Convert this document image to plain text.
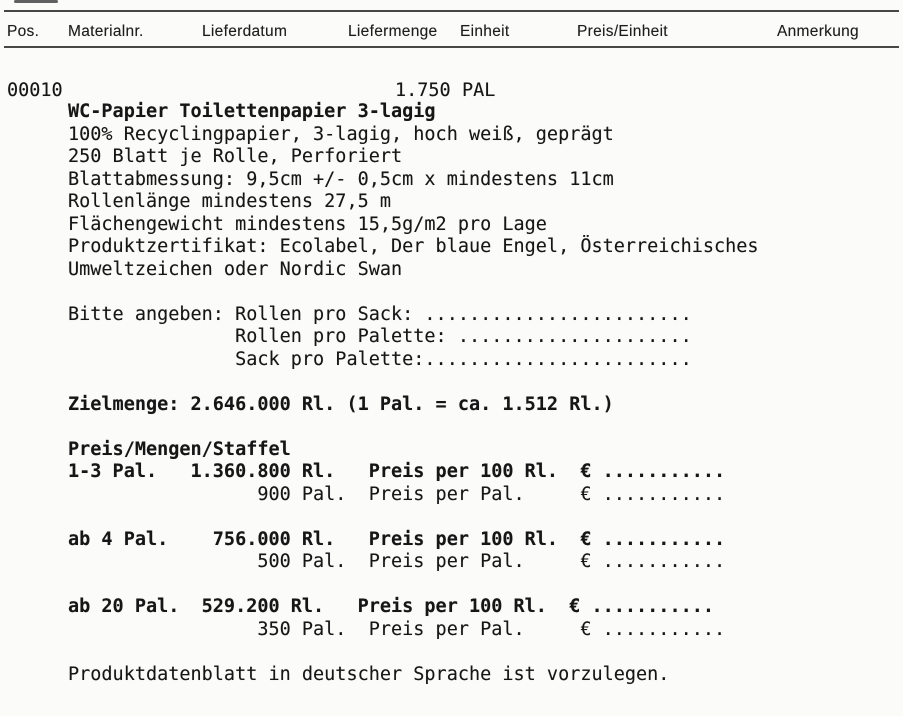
Pos. Materialnr.	Lieferdatum	Liefermenge Einheit	Preis/Einheit	Anmerkung
00010	1.750 PAL
WC-Papier Toilettenpapier 3-lagig
100% Recyclingpapier, 3-lagig, hoch weiß, geprägt
250 Blatt je Rolle, Perforiert
Blattabmessung: 9,5cm +/- 0,5cm x mindestens 11cm
Rollenlänge mindestens 27,5 m
Flächengewicht mindestens 15,5g/m2 pro Lage
Produktzertifikat: Ecolabel, Der blaue Engel, Österreichisches
Umweltzeichen oder Nordic Swan

Bitte angeben: Rollen pro Sack: ........................
Rollen pro Palette: .....................
Sack pro Palette:........................

Zielmenge: 2.646.000 Rl. (1 Pal. = ca. 1.512 Rl.)

Preis/Mengen/Staffel
1-3 Pal.   1.360.800 Rl.   Preis per 100 Rl.  € ...........
900 Pal.  Preis per Pal.     € ...........

ab 4 Pal.    756.000 Rl.   Preis per 100 Rl.  € ...........
500 Pal.  Preis per Pal.     € ...........

ab 20 Pal.  529.200 Rl.   Preis per 100 Rl.  € ...........
350 Pal.  Preis per Pal.     € ...........

Produktdatenblatt in deutscher Sprache ist vorzulegen.
